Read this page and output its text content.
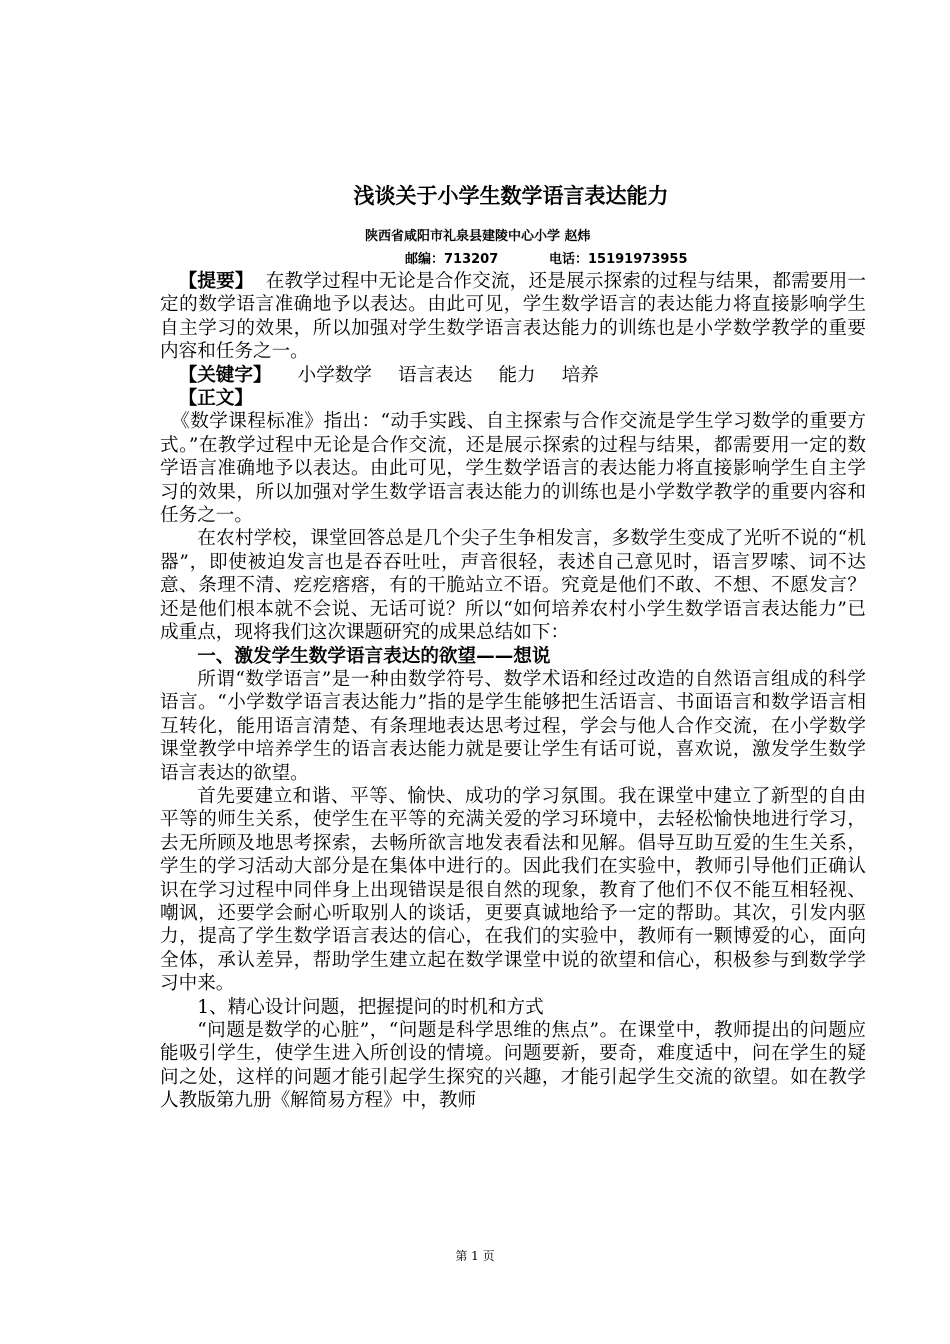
浅谈关于小学生数学语言表达能力
陕西省咸阳市礼泉县建陵中心小学 赵炜
邮编：713207	电话：15191973955

【提要】 在教学过程中无论是合作交流，还是展示探索的过程与结果，都需要用一定的数学语言准确地予以表达。由此可见，学生数学语言的表达能力将直接影响学生自主学习的效果，所以加强对学生数学语言表达能力的训练也是小学数学教学的重要内容和任务之一。

【关键字】 小学数学 语言表达 能力 培养

【正文】

《数学课程标准》指出：“动手实践、自主探索与合作交流是学生学习数学的重要方式。”在教学过程中无论是合作交流，还是展示探索的过程与结果，都需要用一定的数学语言准确地予以表达。由此可见，学生数学语言的表达能力将直接影响学生自主学习的效果，所以加强对学生数学语言表达能力的训练也是小学数学教学的重要内容和任务之一。

在农村学校，课堂回答总是几个尖子生争相发言，多数学生变成了光听不说的“机器”，即使被迫发言也是吞吞吐吐，声音很轻，表述自己意见时，语言罗嗦、词不达意、条理不清、疙疙瘩瘩，有的干脆站立不语。究竟是他们不敢、不想、不愿发言？还是他们根本就不会说、无话可说？所以“如何培养农村小学生数学语言表达能力”已成重点，现将我们这次课题研究的成果总结如下：

一、激发学生数学语言表达的欲望——想说

所谓“数学语言”是一种由数学符号、数学术语和经过改造的自然语言组成的科学语言。“小学数学语言表达能力”指的是学生能够把生活语言、书面语言和数学语言相互转化，能用语言清楚、有条理地表达思考过程，学会与他人合作交流，在小学数学课堂教学中培养学生的语言表达能力就是要让学生有话可说，喜欢说，激发学生数学语言表达的欲望。

首先要建立和谐、平等、愉快、成功的学习氛围。我在课堂中建立了新型的自由平等的师生关系，使学生在平等的充满关爱的学习环境中，去轻松愉快地进行学习，去无所顾及地思考探索，去畅所欲言地发表看法和见解。倡导互助互爱的生生关系，学生的学习活动大部分是在集体中进行的。因此我们在实验中，教师引导他们正确认识在学习过程中同伴身上出现错误是很自然的现象，教育了他们不仅不能互相轻视、嘲讽，还要学会耐心听取别人的谈话，更要真诚地给予一定的帮助。其次，引发内驱力，提高了学生数学语言表达的信心，在我们的实验中，教师有一颗博爱的心，面向全体，承认差异，帮助学生建立起在数学课堂中说的欲望和信心，积极参与到数学学习中来。

1、精心设计问题，把握提问的时机和方式

“问题是数学的心脏”，“问题是科学思维的焦点”。在课堂中，教师提出的问题应能吸引学生，使学生进入所创设的情境。问题要新，要奇，难度适中，问在学生的疑问之处，这样的问题才能引起学生探究的兴趣，才能引起学生交流的欲望。如在教学人教版第九册《解简易方程》中，教师

第 1 页
